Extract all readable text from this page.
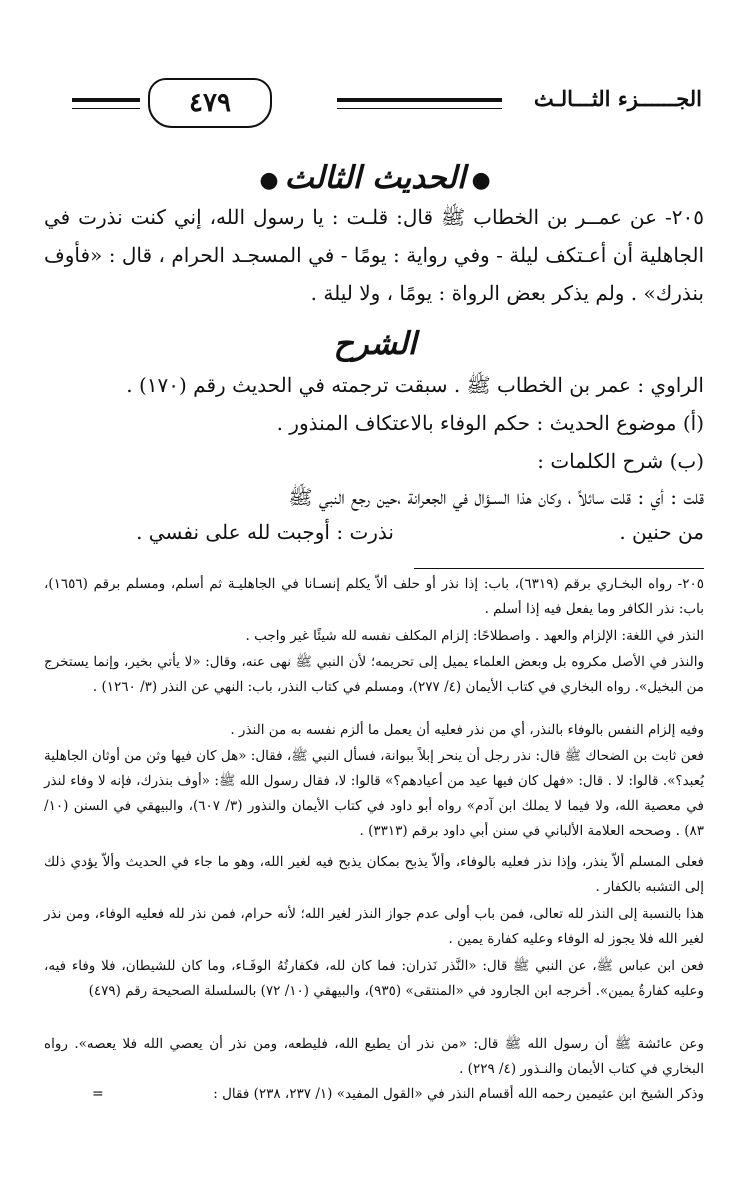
الجــــــزء الثـــالـث
٤٧٩
●الحديث الثالث●
٢٠٥- عن عمــر بن الخطاب ﷺ قال: قلـت : يا رسول الله، إني كنت نذرت في الجاهلية أن أعـتكف ليلة - وفي رواية : يومًا - في المسجـد الحرام ، قال : «فأوف بنذرك» . ولم يذكر بعض الرواة : يومًا ، ولا ليلة .
الشرح
الراوي : عمر بن الخطاب ﷺ . سبقت ترجمته في الحديث رقم (١٧٠) .
(أ) موضوع الحديث : حكم الوفاء بالاعتكاف المنذور .
(ب) شرح الكلمات :
قلت : أي : قلت سائلاً ، وكان هذا السـؤال في الجعرانة ،حين رجع النبي ﷺ
من حنين .
نذرت : أوجبت لله على نفسي .
٢٠٥- رواه البخـاري برقم (٦٣١٩)، باب: إذا نذر أو حلف ألاّ يكلم إنسـانا في الجاهليـة ثم أسلم، ومسلم برقم (١٦٥٦)، باب: نذر الكافر وما يفعل فيه إذا أسلم .
النذر في اللغة: الإلزام والعهد . واصطلاحًا: إلزام المكلف نفسه لله شيئًا غير واجب .
والنذر في الأصل مكروه بل وبعض العلماء يميل إلى تحريمه؛ لأن النبي ﷺ نهى عنه، وقال: «لا يأتي بخير، وإنما يستخرج من البخيل». رواه البخاري في كتاب الأيمان (٤/ ٢٧٧)، ومسلم في كتاب النذر، باب: النهي عن النذر (٣/ ١٢٦٠) .
وفيه إلزام النفس بالوفاء بالنذر، أي من نذر فعليه أن يعمل ما ألزم نفسه به من النذر .
فعن ثابت بن الضحاك ﷺ قال: نذر رجل أن ينحر إبلاً ببوانة، فسأل النبي ﷺ، فقال: «هل كان فيها وثن من أوثان الجاهلية يُعبد؟». قالوا: لا . قال: «فهل كان فيها عيد من أعيادهم؟» قالوا: لا، فقال رسول الله ﷺ: «أوف بنذرك، فإنه لا وفاء لنذر في معصية الله، ولا فيما لا يملك ابن آدم» رواه أبو داود في كتاب الأيمان والنذور (٣/ ٦٠٧)، والبيهقي في السنن (١٠/ ٨٣) . وصححه العلامة الألباني في سنن أبي داود برقم (٣٣١٣) .
فعلى المسلم ألاّ ينذر، وإذا نذر فعليه بالوفاء، وألاّ يذبح بمكان يذبح فيه لغير الله، وهو ما جاء في الحديث وألاّ يؤدي ذلك إلى التشبه بالكفار .
هذا بالنسبة إلى النذر لله تعالى، فمن باب أولى عدم جواز النذر لغير الله؛ لأنه حرام، فمن نذر لله فعليه الوفاء، ومن نذر لغير الله فلا يجوز له الوفاء وعليه كفارة يمين .
فعن ابن عباس ﷺ، عن النبي ﷺ قال: «النَّذر نَذران: فما كان لله، فكفارتُهُ الوفَـاء، وما كان للشيطان، فلا وفاء فيه، وعليه كفارةُ يمين». أخرجه ابن الجارود في «المنتقى» (٩٣٥)، والبيهقي (١٠/ ٧٢) بالسلسلة الصحيحة رقم (٤٧٩)
وعن عائشة ﷺ أن رسول الله ﷺ قال: «من نذر أن يطيع الله، فليطعه، ومن نذر أن يعصي الله فلا يعصه». رواه البخاري في كتاب الأيمان والنـذور (٤/ ٢٢٩) .
وذكر الشيخ ابن عثيمين رحمه الله أقسام النذر في «القول المفيد» (١/ ٢٣٧، ٢٣٨) فقال :
=
